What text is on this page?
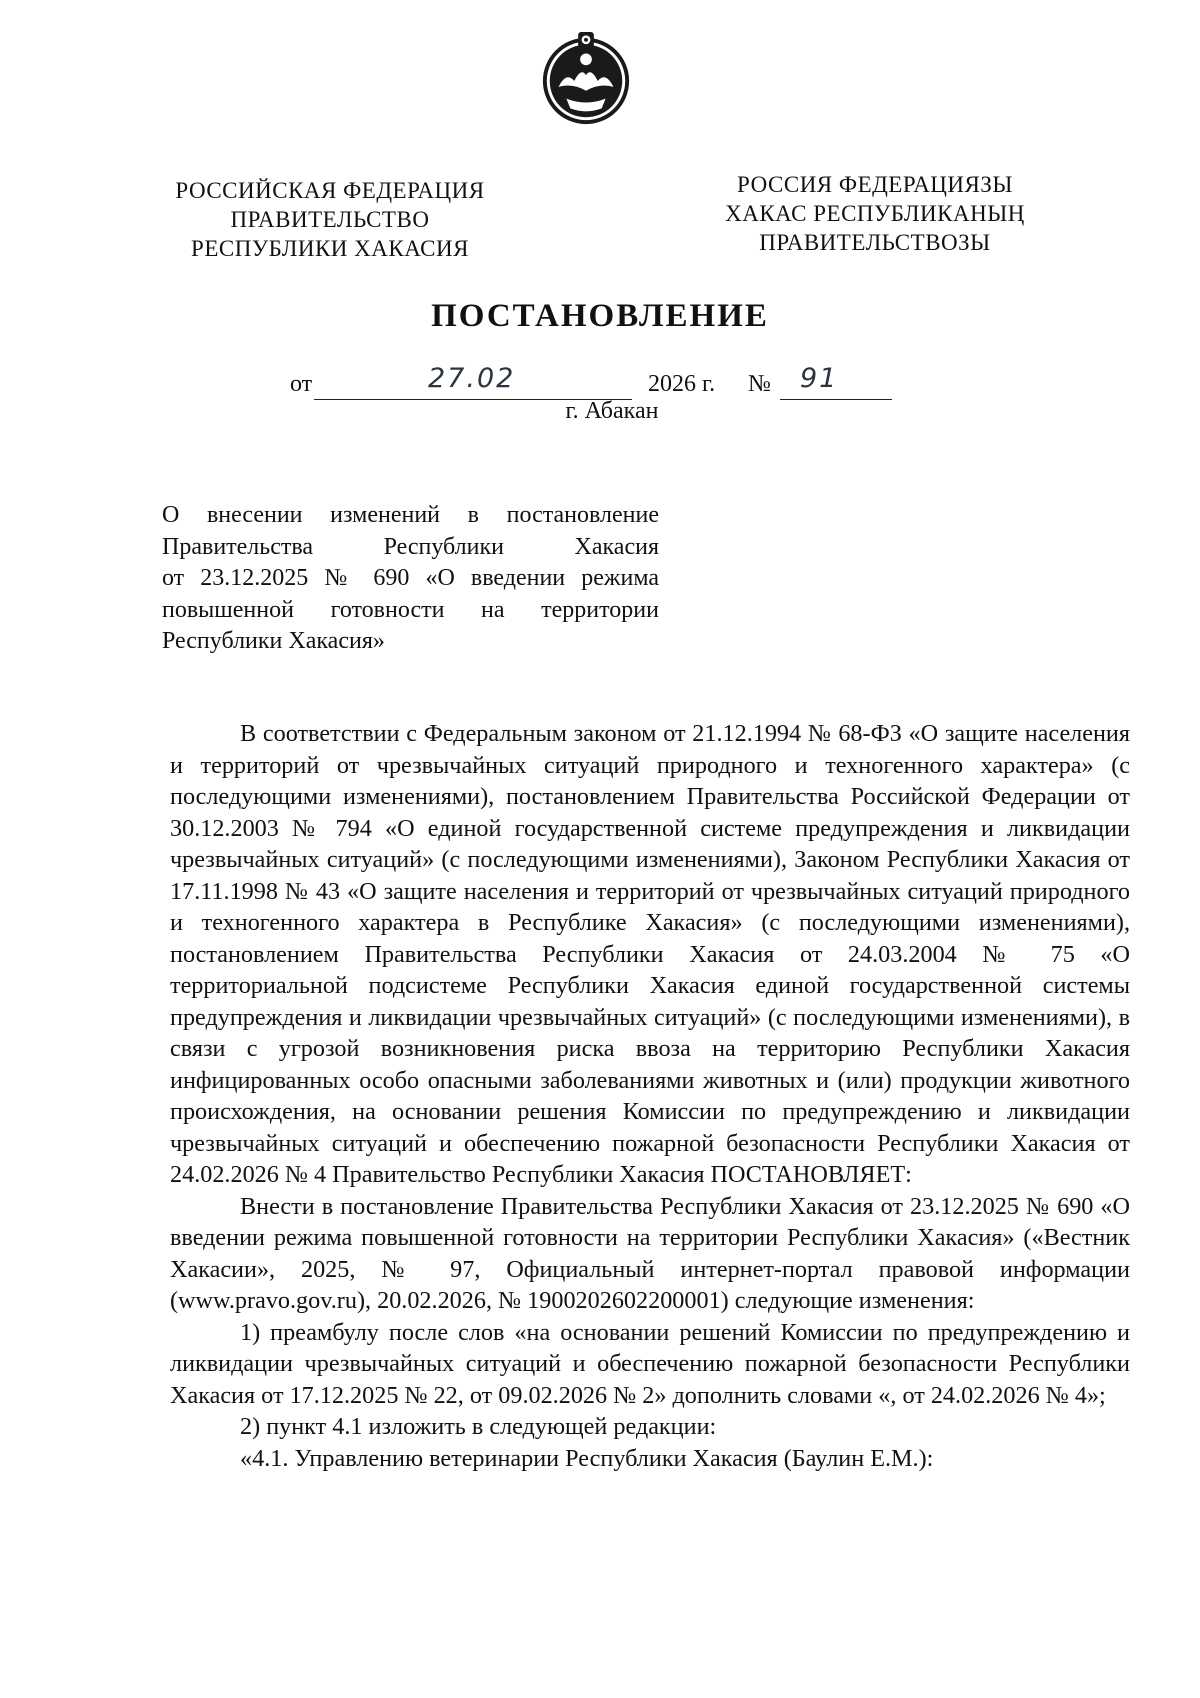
РОССИЙСКАЯ ФЕДЕРАЦИЯ
ПРАВИТЕЛЬСТВО
РЕСПУБЛИКИ ХАКАСИЯ
РОССИЯ ФЕДЕРАЦИЯЗЫ
ХАКАС РЕСПУБЛИКАНЫҢ
ПРАВИТЕЛЬСТВОЗЫ
ПОСТАНОВЛЕНИЕ
от	27.02	2026 г. № 91
г. Абакан
О внесении изменений в постановление
Правительства Республики Хакасия
от 23.12.2025 № 690 «О введении режима
повышенной готовности на территории
Республики Хакасия»

В соответствии с Федеральным законом от 21.12.1994 № 68-ФЗ «О защите населения и территорий от чрезвычайных ситуаций природного и техногенного характера» (с последующими изменениями), постановлением Правительства Российской Федерации от 30.12.2003 № 794 «О единой государственной системе предупреждения и ликвидации чрезвычайных ситуаций» (с последующими изменениями), Законом Республики Хакасия от 17.11.1998 № 43 «О защите населения и территорий от чрезвычайных ситуаций природного и техногенного характера в Республике Хакасия» (с последующими изменениями), постановлением Правительства Республики Хакасия от 24.03.2004 № 75 «О территориальной подсистеме Республики Хакасия единой государственной системы предупреждения и ликвидации чрезвычайных ситуаций» (с последующими изменениями), в связи с угрозой возникновения риска ввоза на территорию Республики Хакасия инфицированных особо опасными заболеваниями животных и (или) продукции животного происхождения, на основании решения Комиссии по предупреждению и ликвидации чрезвычайных ситуаций и обеспечению пожарной безопасности Республики Хакасия от 24.02.2026 № 4 Правительство Республики Хакасия ПОСТАНОВЛЯЕТ:

Внести в постановление Правительства Республики Хакасия от 23.12.2025 № 690 «О введении режима повышенной готовности на территории Республики Хакасия» («Вестник Хакасии», 2025, № 97, Официальный интернет-портал правовой информации (www.pravo.gov.ru), 20.02.2026, № 1900202602200001) следующие изменения:

1) преамбулу после слов «на основании решений Комиссии по предупреждению и ликвидации чрезвычайных ситуаций и обеспечению пожарной безопасности Республики Хакасия от 17.12.2025 № 22, от 09.02.2026 № 2» дополнить словами «, от 24.02.2026 № 4»;

2) пункт 4.1 изложить в следующей редакции:

«4.1. Управлению ветеринарии Республики Хакасия (Баулин Е.М.):
